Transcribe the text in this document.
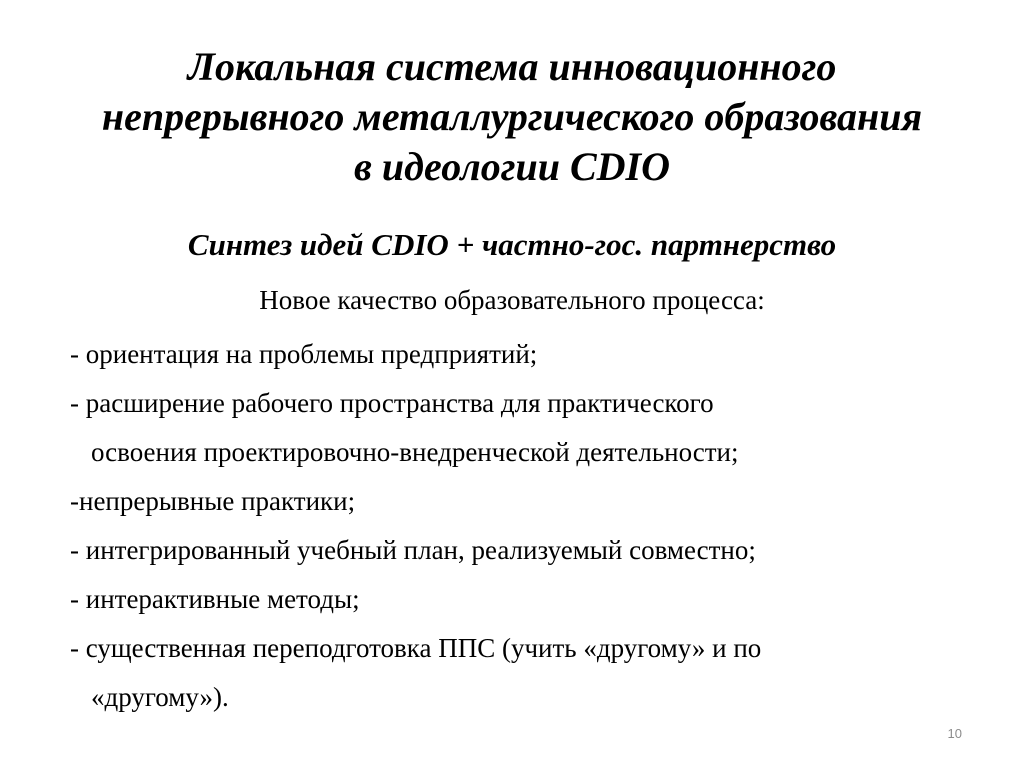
Локальная система инновационного
непрерывного металлургического образования
в идеологии CDIO
Синтез идей CDIO + частно-гос. партнерство
Новое качество образовательного процесса:
- ориентация на проблемы предприятий;
- расширение рабочего пространства для практического
освоения проектировочно-внедренческой деятельности;
-непрерывные практики;
- интегрированный учебный план, реализуемый совместно;
- интерактивные методы;
- существенная переподготовка ППС (учить «другому» и по
«другому»).
10
